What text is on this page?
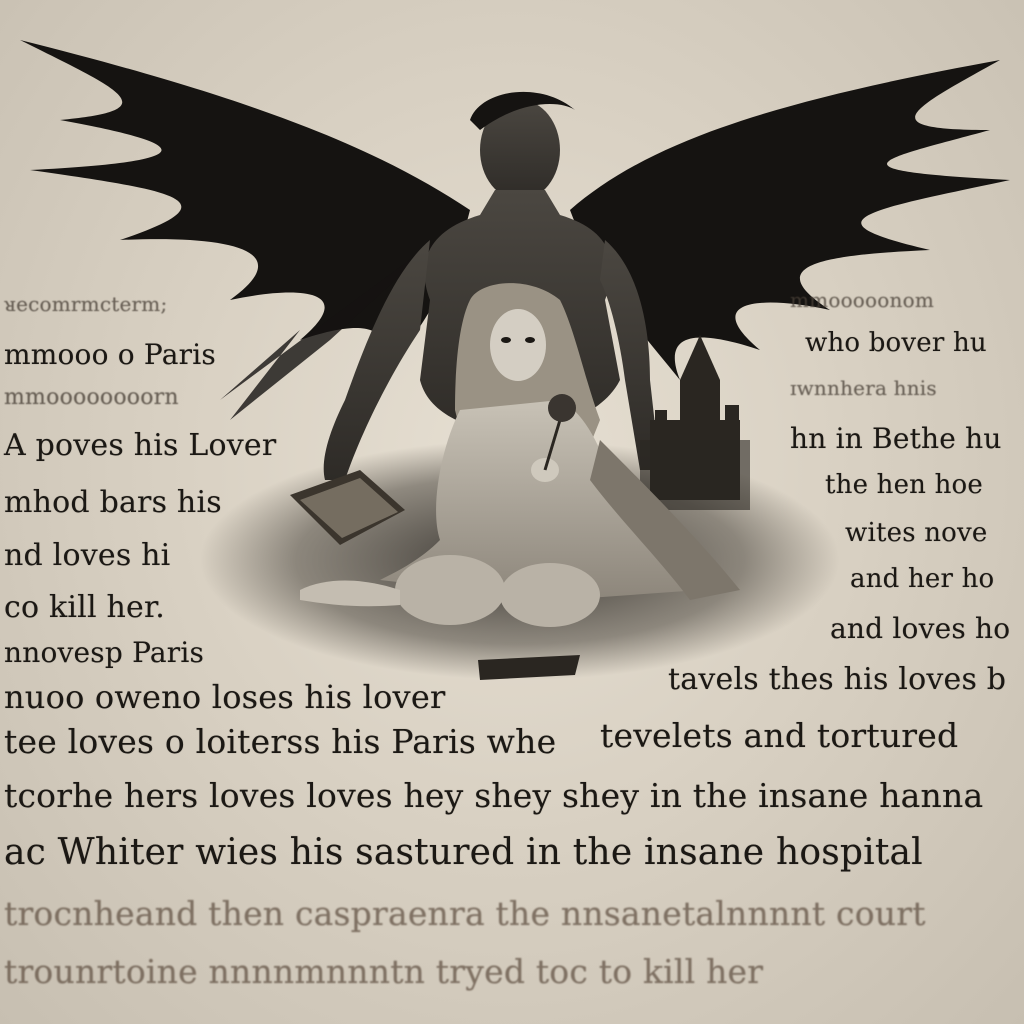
ᴚecomrmcterm;
mmooo o Paris
mmoooooooorn
A poves his Lover
mhod bars his
nd loves hi
co kill her.
nnovesp Paris
nuoo oweno loses his lover
tee loves o loiterss his Paris whe
mmooooonom
who bover hu
ɪᴡnnhera hnis
hn in Bethe hu
the hen hoe
wites nove
and her ho
and loves ho
tavels thes his loves b
tevelets and tortured
tcorhe hers loves loves hey shey shey in the insane hanna
ac Whiter wies his sastured in the insane hospital
trocnheand then caspraenra the nnsanetalnnnnt court
trounrtoine nnnnmnnntn tryed toc to kill her
